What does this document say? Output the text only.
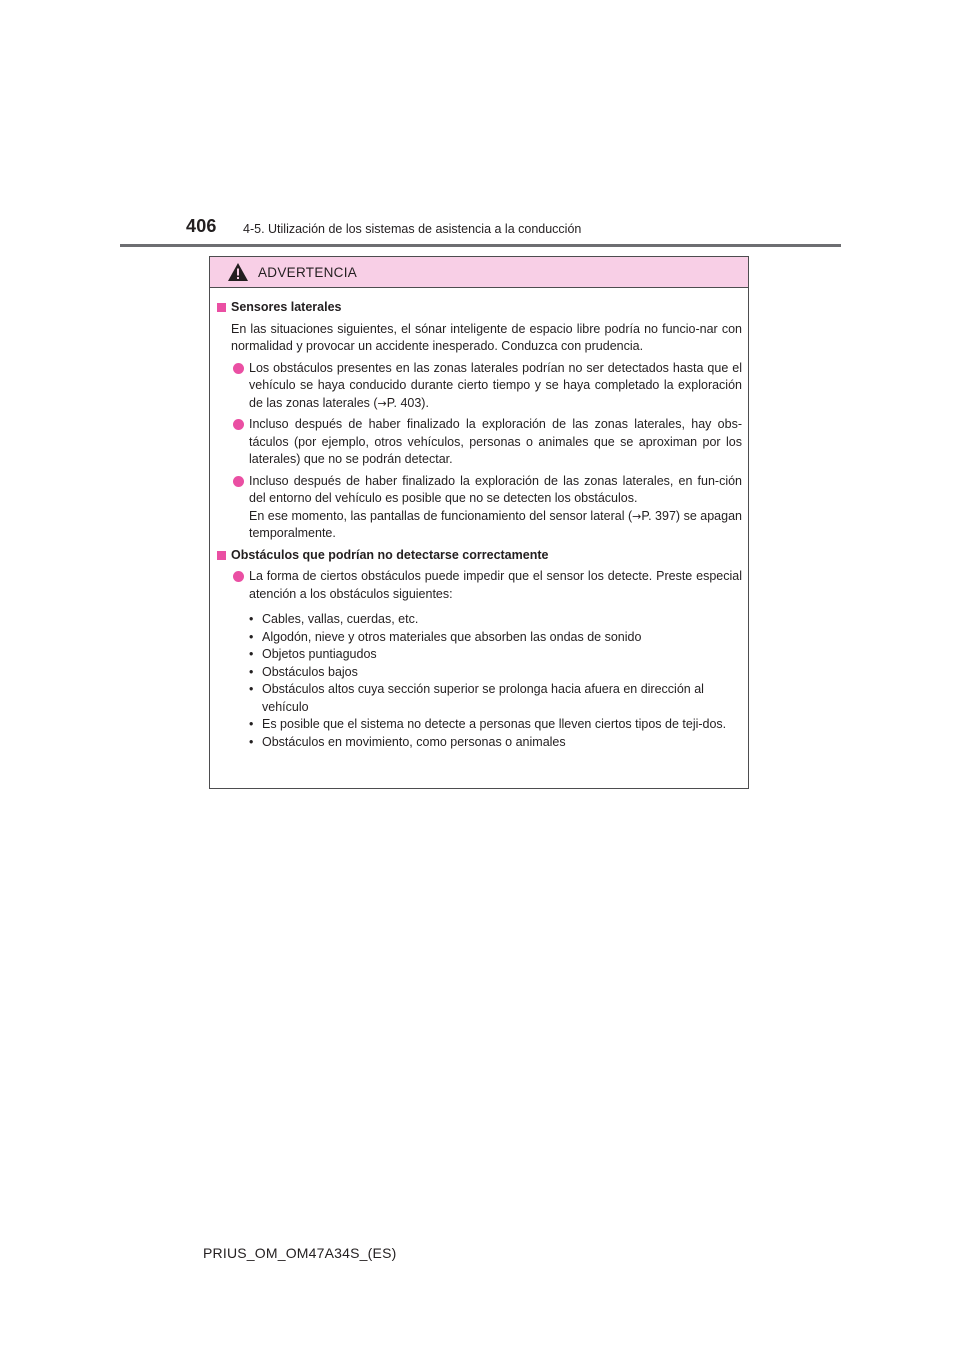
406 4-5. Utilización de los sistemas de asistencia a la conducción
ADVERTENCIA
Sensores laterales
En las situaciones siguientes, el sónar inteligente de espacio libre podría no funcio-nar con normalidad y provocar un accidente inesperado. Conduzca con prudencia.
Los obstáculos presentes en las zonas laterales podrían no ser detectados hasta que el vehículo se haya conducido durante cierto tiempo y se haya completado la exploración de las zonas laterales (→P. 403).
Incluso después de haber finalizado la exploración de las zonas laterales, hay obs-táculos (por ejemplo, otros vehículos, personas o animales que se aproximan por los laterales) que no se podrán detectar.
Incluso después de haber finalizado la exploración de las zonas laterales, en fun-ción del entorno del vehículo es posible que no se detecten los obstáculos.
En ese momento, las pantallas de funcionamiento del sensor lateral (→P. 397) se apagan temporalmente.
Obstáculos que podrían no detectarse correctamente
La forma de ciertos obstáculos puede impedir que el sensor los detecte. Preste especial atención a los obstáculos siguientes:
• Cables, vallas, cuerdas, etc.
• Algodón, nieve y otros materiales que absorben las ondas de sonido
• Objetos puntiagudos
• Obstáculos bajos
• Obstáculos altos cuya sección superior se prolonga hacia afuera en dirección al vehículo
• Es posible que el sistema no detecte a personas que lleven ciertos tipos de teji-dos.
• Obstáculos en movimiento, como personas o animales
PRIUS_OM_OM47A34S_(ES)
